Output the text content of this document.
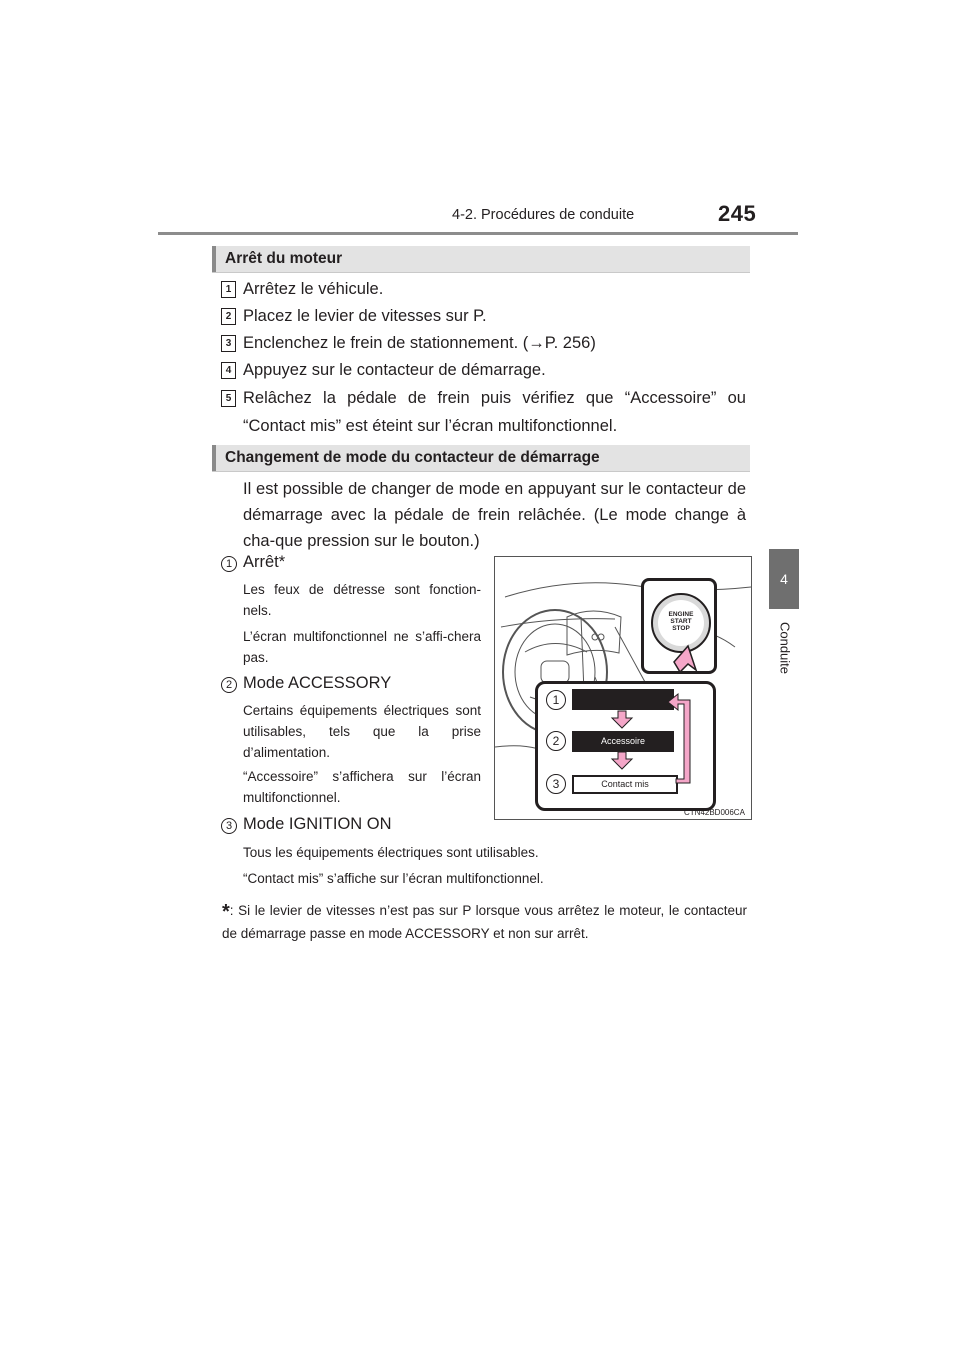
4-2. Procédures de conduite	245
4
Conduite
Arrêt du moteur
1 Arrêtez le véhicule.
2 Placez le levier de vitesses sur P.
3 Enclenchez le frein de stationnement. (→P. 256)
4 Appuyez sur le contacteur de démarrage.
5 Relâchez la pédale de frein puis vérifiez que “Accessoire” ou “Contact mis” est éteint sur l’écran multifonctionnel.
Changement de mode du contacteur de démarrage
Il est possible de changer de mode en appuyant sur le contacteur de démarrage avec la pédale de frein relâchée. (Le mode change à cha-que pression sur le bouton.)
1 Arrêt*
Les feux de détresse sont fonction-nels.
L’écran multifonctionnel ne s’affi-chera pas.
2 Mode ACCESSORY
Certains équipements électriques sont utilisables, tels que la prise d’alimentation.
“Accessoire” s’affichera sur l’écran multifonctionnel.
3 Mode IGNITION ON
Tous les équipements électriques sont utilisables.
“Contact mis” s’affiche sur l’écran multifonctionnel.
*: Si le levier de vitesses n’est pas sur P lorsque vous arrêtez le moteur, le contacteur de démarrage passe en mode ACCESSORY et non sur arrêt.
ENGINE
START
STOP
1
2
3
Accessoire
Contact mis
CTN42BD006CA
